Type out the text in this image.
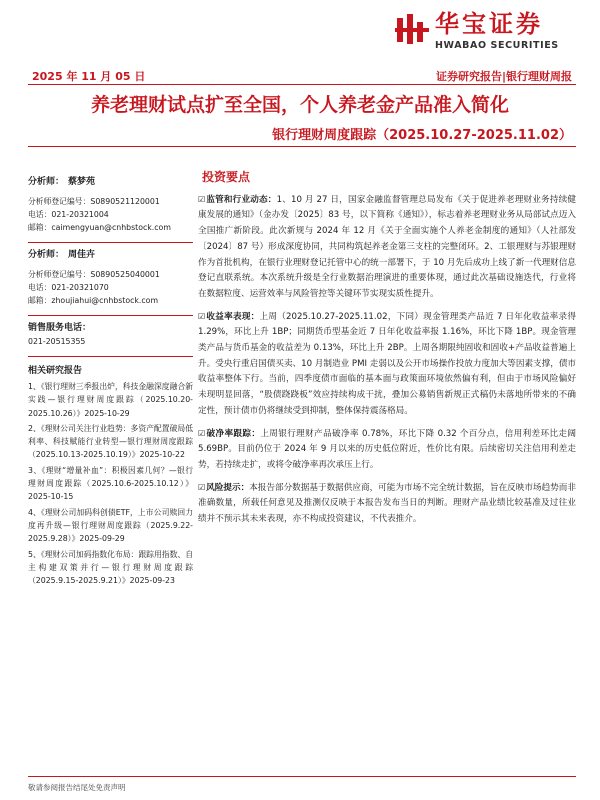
华宝证券
HWABAO SECURITIES
2025 年 11 月 05 日	证券研究报告|银行理财周报
养老理财试点扩至全国，个人养老金产品准入简化
银行理财周度跟踪（2025.10.27-2025.11.02）
分析师： 蔡梦苑
分析师登记编号：S0890521120001
电话：021-20321004
邮箱：caimengyuan@cnhbstock.com
分析师： 周佳卉
分析师登记编号：S0890525040001
电话：021-20321070
邮箱：zhoujiahui@cnhbstock.com
销售服务电话：
021-20515355
相关研究报告
1、《银行理财三季报出炉，科技金融深度融合新实践—银行理财周度跟踪（2025.10.20-2025.10.26）》2025-10-29
2、《理财公司关注行业趋势：多资产配置破局低利率、科技赋能行业转型—银行理财周度跟踪（2025.10.13-2025.10.19）》2025-10-22
3、《理财“增量补血”：积极因素几何？—银行理财周度跟踪（2025.10.6-2025.10.12）》2025-10-15
4、《理财公司加码科创债ETF，上市公司赎回力度再升级—银行理财周度跟踪（2025.9.22-2025.9.28）》2025-09-29
5、《理财公司加码指数化布局：跟踪用指数、自主构建双策并行—银行理财周度跟踪（2025.9.15-2025.9.21）》2025-09-23
投资要点
☑监管和行业动态：1、10 月 27 日，国家金融监督管理总局发布《关于促进养老理财业务持续健康发展的通知》（金办发〔2025〕83 号，以下简称《通知》），标志着养老理财业务从局部试点迈入全国推广新阶段。此次新规与 2024 年 12 月《关于全面实施个人养老金制度的通知》（人社部发〔2024〕87 号）形成深度协同，共同构筑起养老金第三支柱的完整闭环。2、工银理财与苏银理财作为首批机构，在银行业理财登记托管中心的统一部署下，于 10 月先后成功上线了新一代理财信息登记直联系统。本次系统升级是全行业数据治理演进的重要体现，通过此次基础设施迭代，行业将在数据粒度、运营效率与风险管控等关键环节实现实质性提升。
☑收益率表现：上周（2025.10.27-2025.11.02，下同）现金管理类产品近 7 日年化收益率录得 1.29%，环比上升 1BP；同期货币型基金近 7 日年化收益率报 1.16%，环比下降 1BP。现金管理类产品与货币基金的收益差为 0.13%，环比上升 2BP。上周各期限纯固收和固收+产品收益普遍上升。受央行重启国债买卖、10 月制造业 PMI 走弱以及公开市场操作投放力度加大等因素支撑，债市收益率整体下行。当前，四季度债市面临的基本面与政策面环境依然偏有利，但由于市场风险偏好未现明显回落，“股债跷跷板”效应持续构成干扰，叠加公募销售新规正式稿仍未落地所带来的不确定性，预计债市仍将继续受到抑制，整体保持震荡格局。
☑破净率跟踪：上周银行理财产品破净率 0.78%，环比下降 0.32 个百分点，信用利差环比走阔 5.69BP。目前仍位于 2024 年 9 月以来的历史低位附近，性价比有限。后续密切关注信用利差走势，若持续走扩，或将令破净率再次承压上行。
☑风险提示：本报告部分数据基于数据供应商，可能为市场不完全统计数据，旨在反映市场趋势而非准确数量，所载任何意见及推测仅反映于本报告发布当日的判断。理财产品业绩比较基准及过往业绩并不预示其未来表现，亦不构成投资建议，不代表推介。
敬请参阅报告结尾处免责声明
